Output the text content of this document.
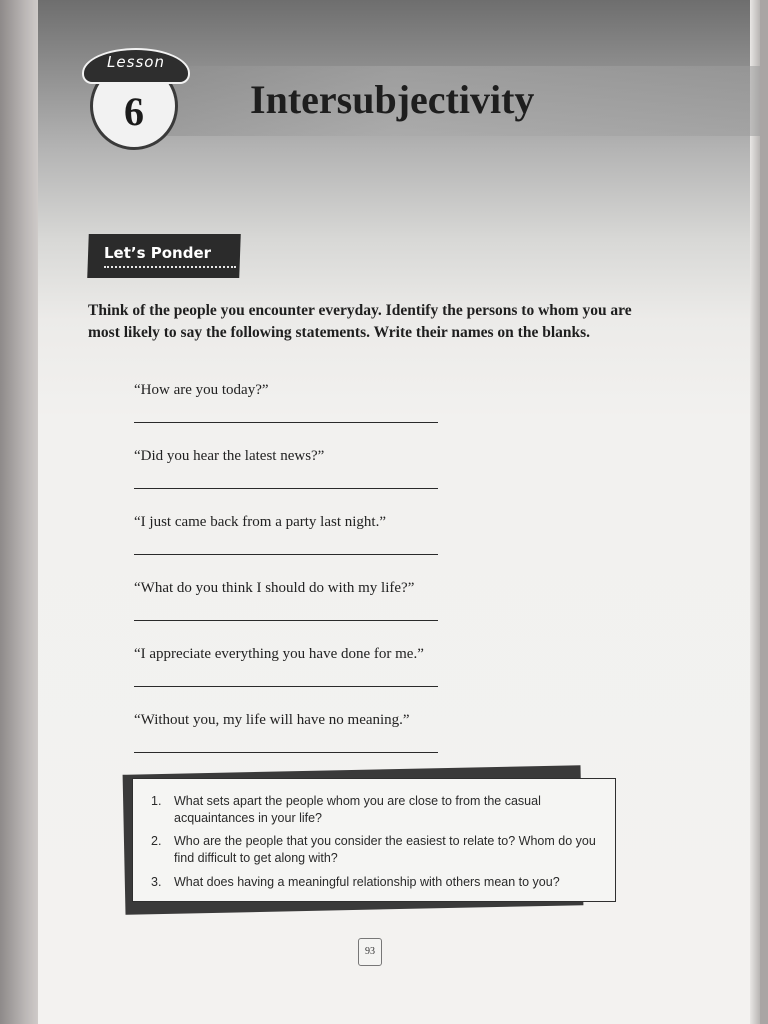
Lesson
6	Intersubjectivity
Let’s Ponder
Think of the people you encounter everyday. Identify the persons to whom you are most likely to say the following statements. Write their names on the blanks.
“How are you today?”
“Did you hear the latest news?”
“I just came back from a party last night.”
“What do you think I should do with my life?”
“I appreciate everything you have done for me.”
“Without you, my life will have no meaning.”
1.	What sets apart the people whom you are close to from the casual acquaintances in your life?
2.	Who are the people that you consider the easiest to relate to? Whom do you find difficult to get along with?
3.	What does having a meaningful relationship with others mean to you?
93
